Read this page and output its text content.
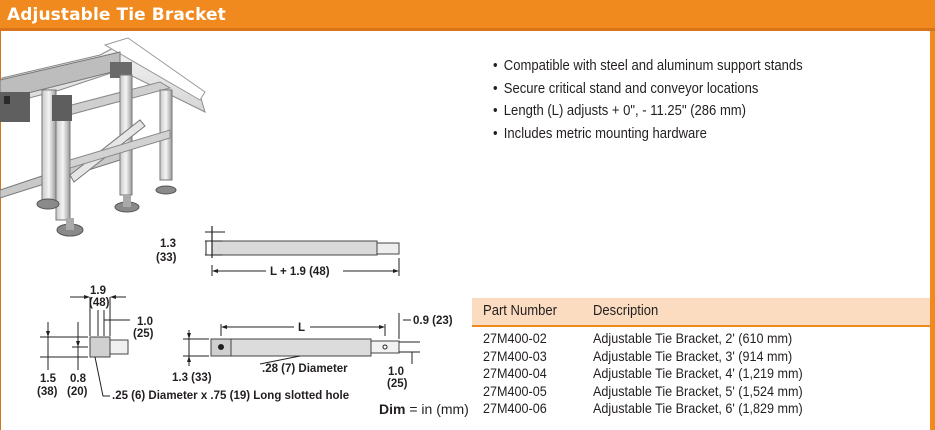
Adjustable Tie Bracket
1.3
(33)
L + 1.9 (48)
1.9
(48)
1.0
(25)
1.5
(38)
0.8
(20) .25 (6) Diameter x .75 (19) Long slotted hole
L
0.9 (23)
.28 (7) Diameter
1.3 (33)	1.0
(25)
• Compatible with steel and aluminum support stands
• Secure critical stand and conveyor locations
• Length (L) adjusts + 0", - 11.25" (286 mm)
• Includes metric mounting hardware
Part Number Description
27M400-02	Adjustable Tie Bracket, 2' (610 mm)
27M400-03	Adjustable Tie Bracket, 3' (914 mm)
27M400-04	Adjustable Tie Bracket, 4' (1,219 mm)
27M400-05	Adjustable Tie Bracket, 5' (1,524 mm)
27M400-06	Adjustable Tie Bracket, 6' (1,829 mm)
Dim = in (mm)
